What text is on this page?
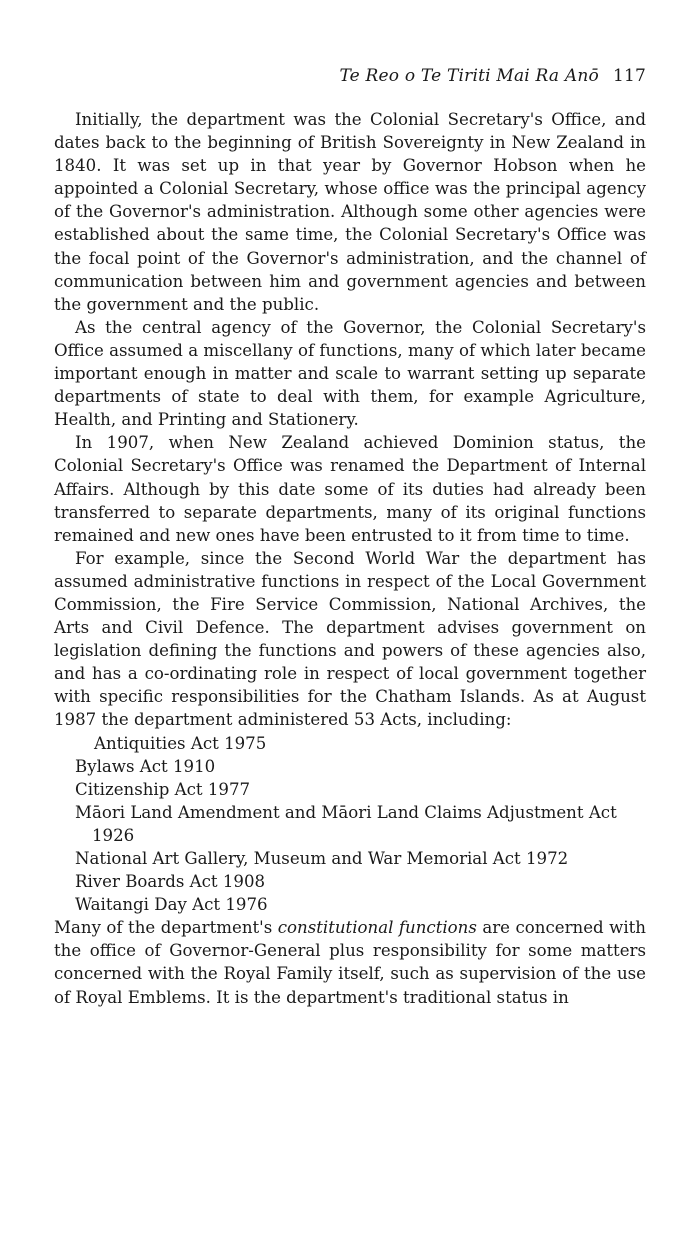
Te Reo o Te Tiriti Mai Ra Anō 117

Initially, the department was the Colonial Secretary's Office, and dates back to the beginning of British Sovereignty in New Zealand in 1840. It was set up in that year by Governor Hobson when he appointed a Colonial Secretary, whose office was the principal agency of the Governor's administration. Although some other agencies were established about the same time, the Colonial Secretary's Office was the focal point of the Governor's administration, and the channel of communication between him and government agencies and between the government and the public.

As the central agency of the Governor, the Colonial Secretary's Office assumed a miscellany of functions, many of which later became important enough in matter and scale to warrant setting up separate departments of state to deal with them, for example Agriculture, Health, and Printing and Stationery.

In 1907, when New Zealand achieved Dominion status, the Colonial Secretary's Office was renamed the Department of Internal Affairs. Although by this date some of its duties had already been transferred to separate departments, many of its original functions remained and new ones have been entrusted to it from time to time.

For example, since the Second World War the department has assumed administrative functions in respect of the Local Government Commission, the Fire Service Commission, National Archives, the Arts and Civil Defence. The department advises government on legislation defining the functions and powers of these agencies also, and has a co-ordinating role in respect of local government together with specific responsibilities for the Chatham Islands. As at August 1987 the department administered 53 Acts, including:

Antiquities Act 1975
Bylaws Act 1910
Citizenship Act 1977
Māori Land Amendment and Māori Land Claims Adjustment Act 1926
National Art Gallery, Museum and War Memorial Act 1972
River Boards Act 1908
Waitangi Day Act 1976

Many of the department's constitutional functions are concerned with the office of Governor-General plus responsibility for some matters concerned with the Royal Family itself, such as supervision of the use of Royal Emblems. It is the department's traditional status in
